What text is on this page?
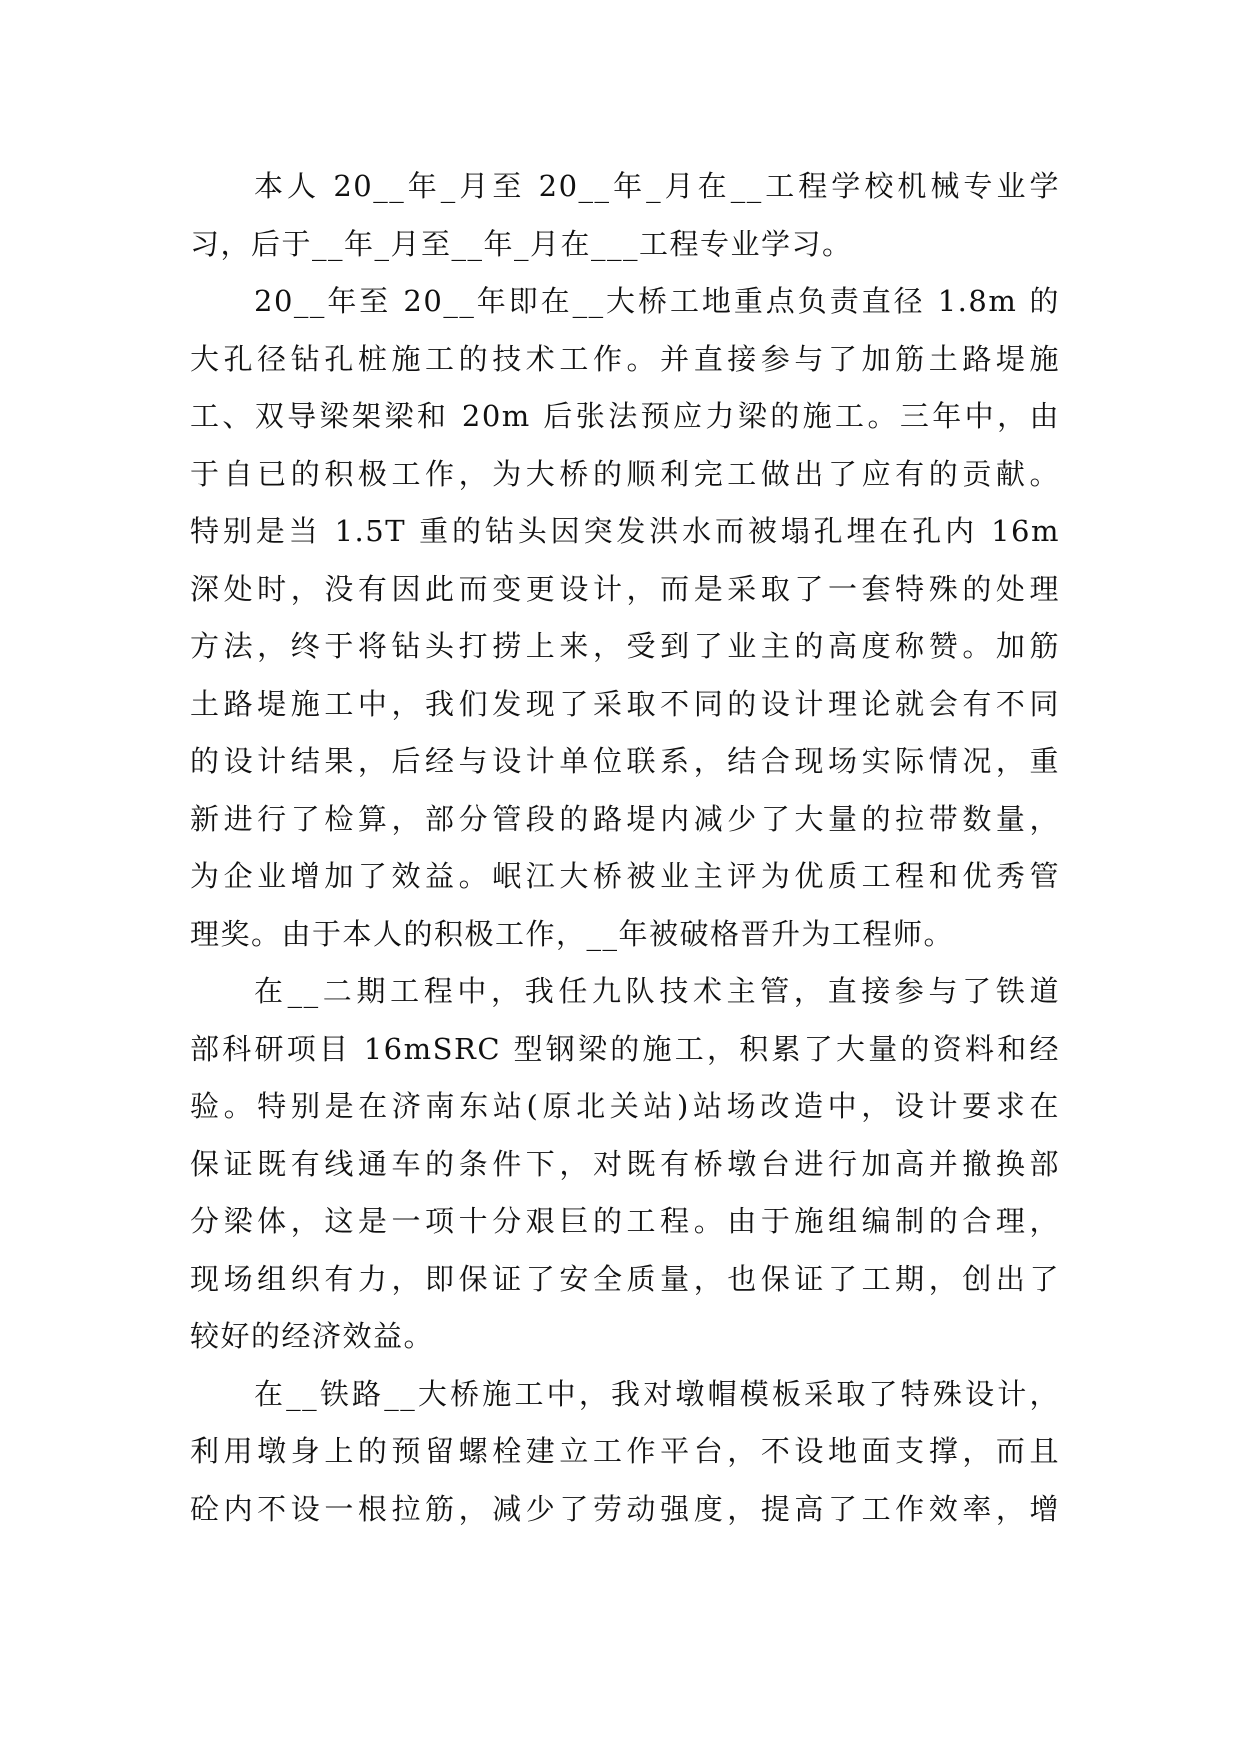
本人 20__年_月至 20__年_月在__工程学校机械专业学
习，后于__年_月至__年_月在___工程专业学习。
20__年至 20__年即在__大桥工地重点负责直径 1.8m 的
大孔径钻孔桩施工的技术工作。并直接参与了加筋土路堤施
工、双导梁架梁和 20m 后张法预应力梁的施工。三年中，由
于自已的积极工作，为大桥的顺利完工做出了应有的贡献。
特别是当 1.5T 重的钻头因突发洪水而被塌孔埋在孔内 16m
深处时，没有因此而变更设计，而是采取了一套特殊的处理
方法，终于将钻头打捞上来，受到了业主的高度称赞。加筋
土路堤施工中，我们发现了采取不同的设计理论就会有不同
的设计结果，后经与设计单位联系，结合现场实际情况，重
新进行了检算，部分管段的路堤内减少了大量的拉带数量，
为企业增加了效益。岷江大桥被业主评为优质工程和优秀管
理奖。由于本人的积极工作，__年被破格晋升为工程师。
在__二期工程中，我任九队技术主管，直接参与了铁道
部科研项目 16mSRC 型钢梁的施工，积累了大量的资料和经
验。特别是在济南东站(原北关站)站场改造中，设计要求在
保证既有线通车的条件下，对既有桥墩台进行加高并撤换部
分梁体，这是一项十分艰巨的工程。由于施组编制的合理，
现场组织有力，即保证了安全质量，也保证了工期，创出了
较好的经济效益。
在__铁路__大桥施工中，我对墩帽模板采取了特殊设计，
利用墩身上的预留螺栓建立工作平台，不设地面支撑，而且
砼内不设一根拉筋，减少了劳动强度，提高了工作效率，增
